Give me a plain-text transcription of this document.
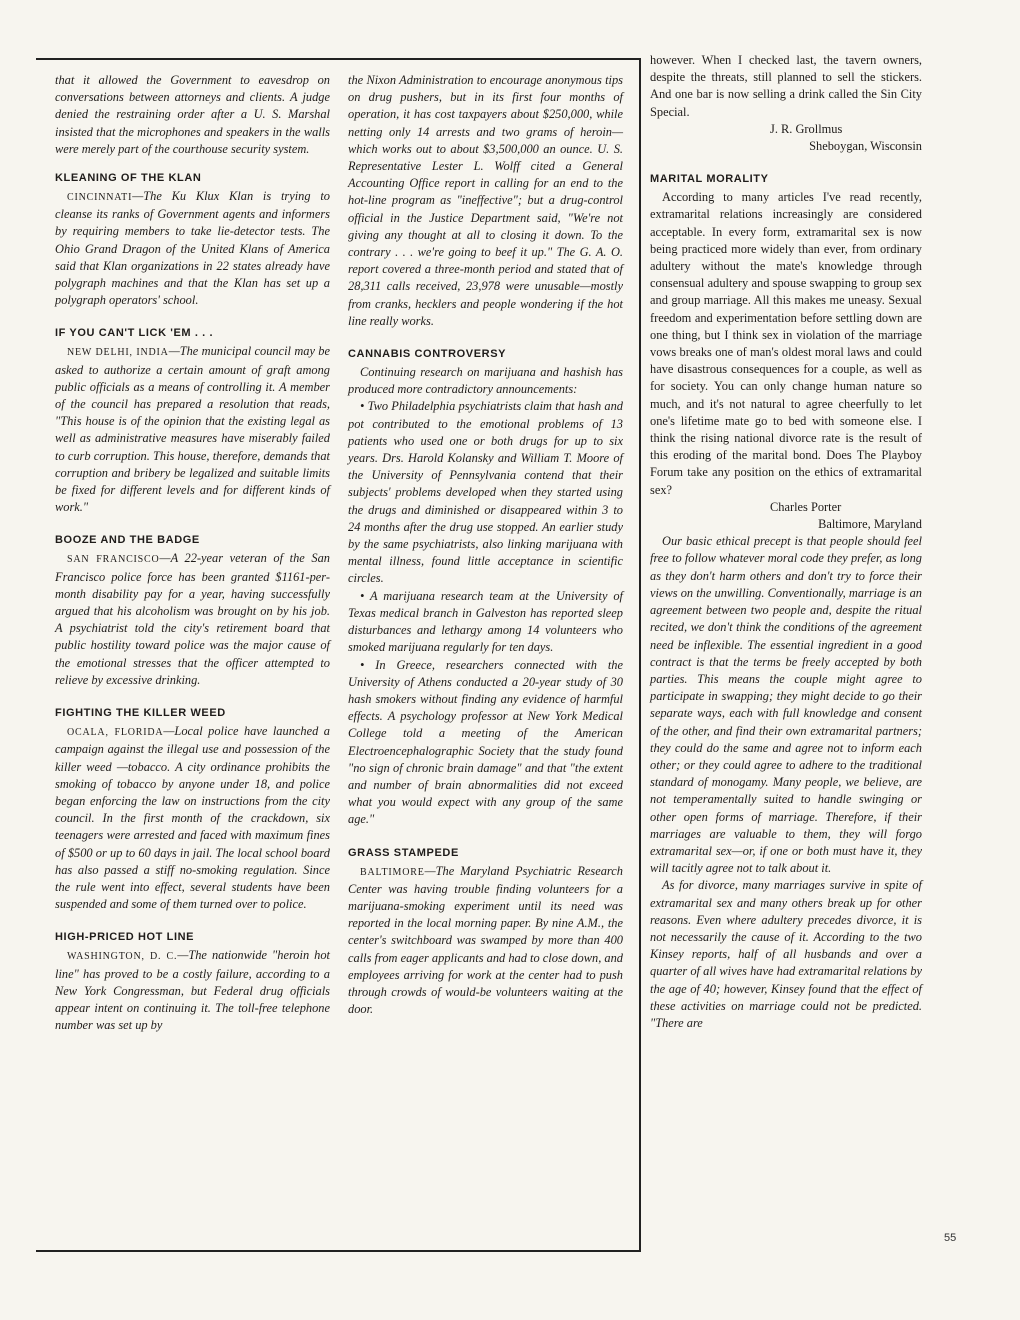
that it allowed the Government to eavesdrop on conversations between attorneys and clients. A judge denied the restraining order after a U. S. Marshal insisted that the microphones and speakers in the walls were merely part of the courthouse security system.

KLEANING OF THE KLAN

CINCINNATI—The Ku Klux Klan is trying to cleanse its ranks of Government agents and informers by requiring members to take lie-detector tests. The Ohio Grand Dragon of the United Klans of America said that Klan organizations in 22 states already have polygraph machines and that the Klan has set up a polygraph operators' school.

IF YOU CAN'T LICK 'EM . . .

NEW DELHI, INDIA—The municipal council may be asked to authorize a certain amount of graft among public officials as a means of controlling it. A member of the council has prepared a resolution that reads, "This house is of the opinion that the existing legal as well as administrative measures have miserably failed to curb corruption. This house, therefore, demands that corruption and bribery be legalized and suitable limits be fixed for different levels and for different kinds of work."

BOOZE AND THE BADGE

SAN FRANCISCO—A 22-year veteran of the San Francisco police force has been granted $1161-per-month disability pay for a year, having successfully argued that his alcoholism was brought on by his job. A psychiatrist told the city's retirement board that public hostility toward police was the major cause of the emotional stresses that the officer attempted to relieve by excessive drinking.

FIGHTING THE KILLER WEED

OCALA, FLORIDA—Local police have launched a campaign against the illegal use and possession of the killer weed —tobacco. A city ordinance prohibits the smoking of tobacco by anyone under 18, and police began enforcing the law on instructions from the city council. In the first month of the crackdown, six teenagers were arrested and faced with maximum fines of $500 or up to 60 days in jail. The local school board has also passed a stiff no-smoking regulation. Since the rule went into effect, several students have been suspended and some of them turned over to police.

HIGH-PRICED HOT LINE

WASHINGTON, D. C.—The nationwide "heroin hot line" has proved to be a costly failure, according to a New York Congressman, but Federal drug officials appear intent on continuing it. The toll-free telephone number was set up by

the Nixon Administration to encourage anonymous tips on drug pushers, but in its first four months of operation, it has cost taxpayers about $250,000, while netting only 14 arrests and two grams of heroin—which works out to about $3,500,000 an ounce. U. S. Representative Lester L. Wolff cited a General Accounting Office report in calling for an end to the hot-line program as "ineffective"; but a drug-control official in the Justice Department said, "We're not giving any thought at all to closing it down. To the contrary . . . we're going to beef it up." The G. A. O. report covered a three-month period and stated that of 28,311 calls received, 23,978 were unusable—mostly from cranks, hecklers and people wondering if the hot line really works.

CANNABIS CONTROVERSY

Continuing research on marijuana and hashish has produced more contradictory announcements:

• Two Philadelphia psychiatrists claim that hash and pot contributed to the emotional problems of 13 patients who used one or both drugs for up to six years. Drs. Harold Kolansky and William T. Moore of the University of Pennsylvania contend that their subjects' problems developed when they started using the drugs and diminished or disappeared within 3 to 24 months after the drug use stopped. An earlier study by the same psychiatrists, also linking marijuana with mental illness, found little acceptance in scientific circles.

• A marijuana research team at the University of Texas medical branch in Galveston has reported sleep disturbances and lethargy among 14 volunteers who smoked marijuana regularly for ten days.

• In Greece, researchers connected with the University of Athens conducted a 20-year study of 30 hash smokers without finding any evidence of harmful effects. A psychology professor at New York Medical College told a meeting of the American Electroencephalographic Society that the study found "no sign of chronic brain damage" and that "the extent and number of brain abnormalities did not exceed what you would expect with any group of the same age."

GRASS STAMPEDE

BALTIMORE—The Maryland Psychiatric Research Center was having trouble finding volunteers for a marijuana-smoking experiment until its need was reported in the local morning paper. By nine A.M., the center's switchboard was swamped by more than 400 calls from eager applicants and had to close down, and employees arriving for work at the center had to push through crowds of would-be volunteers waiting at the door.

however. When I checked last, the tavern owners, despite the threats, still planned to sell the stickers. And one bar is now selling a drink called the Sin City Special.

J. R. Grollmus

Sheboygan, Wisconsin

MARITAL MORALITY

According to many articles I've read recently, extramarital relations increasingly are considered acceptable. In every form, extramarital sex is now being practiced more widely than ever, from ordinary adultery without the mate's knowledge through consensual adultery and spouse swapping to group sex and group marriage. All this makes me uneasy. Sexual freedom and experimentation before settling down are one thing, but I think sex in violation of the marriage vows breaks one of man's oldest moral laws and could have disastrous consequences for a couple, as well as for society. You can only change human nature so much, and it's not natural to agree cheerfully to let one's lifetime mate go to bed with someone else. I think the rising national divorce rate is the result of this eroding of the marital bond. Does The Playboy Forum take any position on the ethics of extramarital sex?

Charles Porter

Baltimore, Maryland

Our basic ethical precept is that people should feel free to follow whatever moral code they prefer, as long as they don't harm others and don't try to force their views on the unwilling. Conventionally, marriage is an agreement between two people and, despite the ritual recited, we don't think the conditions of the agreement need be inflexible. The essential ingredient in a good contract is that the terms be freely accepted by both parties. This means the couple might agree to participate in swapping; they might decide to go their separate ways, each with full knowledge and consent of the other, and find their own extramarital partners; they could do the same and agree not to inform each other; or they could agree to adhere to the traditional standard of monogamy. Many people, we believe, are not temperamentally suited to handle swinging or other open forms of marriage. Therefore, if their marriages are valuable to them, they will forgo extramarital sex—or, if one or both must have it, they will tacitly agree not to talk about it.

As for divorce, many marriages survive in spite of extramarital sex and many others break up for other reasons. Even where adultery precedes divorce, it is not necessarily the cause of it. According to the two Kinsey reports, half of all husbands and over a quarter of all wives have had extramarital relations by the age of 40; however, Kinsey found that the effect of these activities on marriage could not be predicted. "There are

55
